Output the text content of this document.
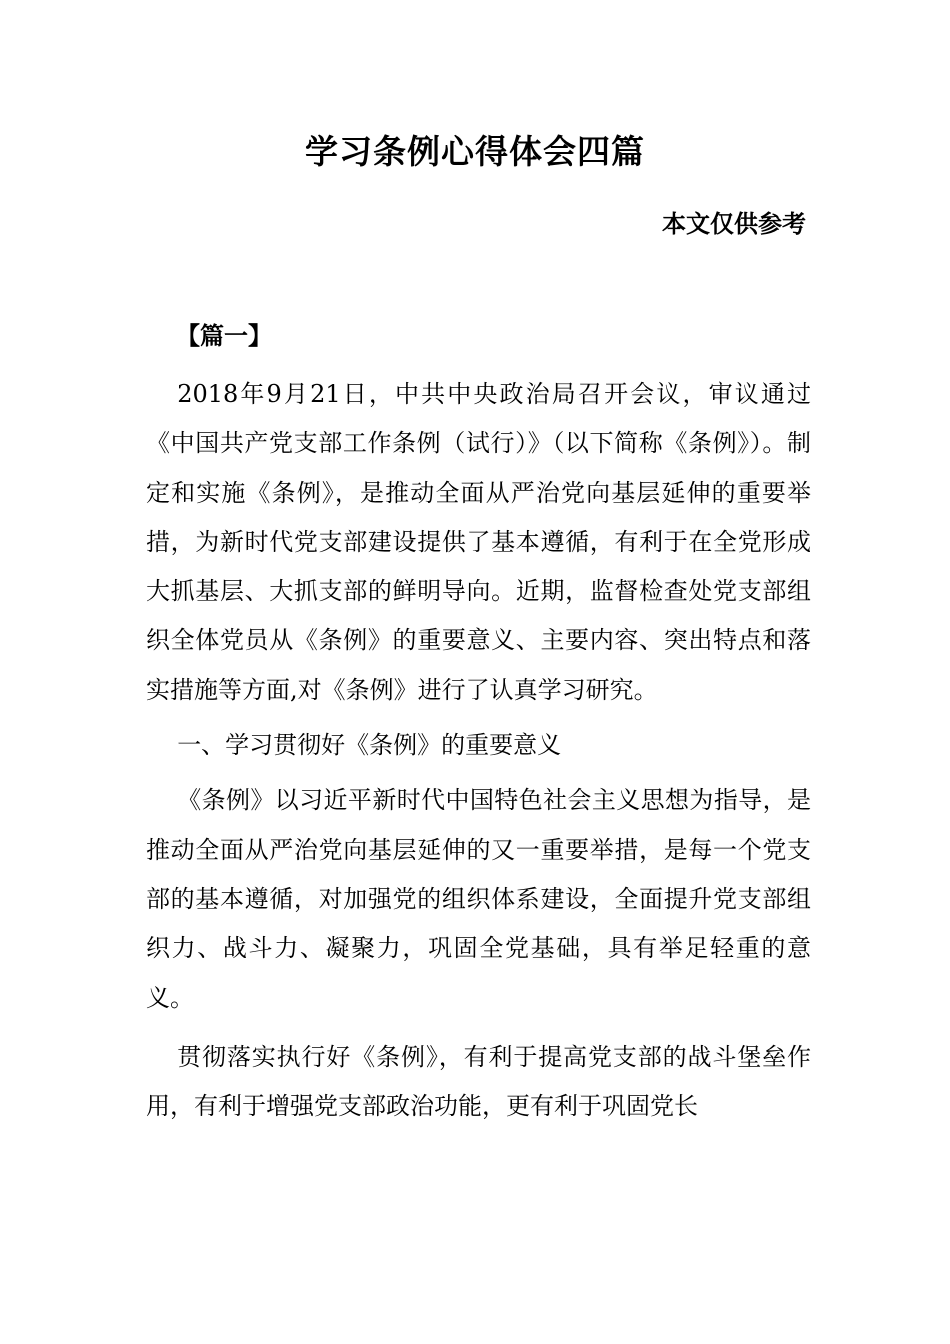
学习条例心得体会四篇

本文仅供参考

【篇一】

2018年9月21日，中共中央政治局召开会议，审议通过《中国共产党支部工作条例（试行）》（以下简称《条例》）。制定和实施《条例》，是推动全面从严治党向基层延伸的重要举措，为新时代党支部建设提供了基本遵循，有利于在全党形成大抓基层、大抓支部的鲜明导向。近期，监督检查处党支部组织全体党员从《条例》的重要意义、主要内容、突出特点和落实措施等方面,对《条例》进行了认真学习研究。

一、学习贯彻好《条例》的重要意义

《条例》以习近平新时代中国特色社会主义思想为指导，是推动全面从严治党向基层延伸的又一重要举措，是每一个党支部的基本遵循，对加强党的组织体系建设，全面提升党支部组织力、战斗力、凝聚力，巩固全党基础，具有举足轻重的意义。

贯彻落实执行好《条例》，有利于提高党支部的战斗堡垒作用，有利于增强党支部政治功能，更有利于巩固党长
